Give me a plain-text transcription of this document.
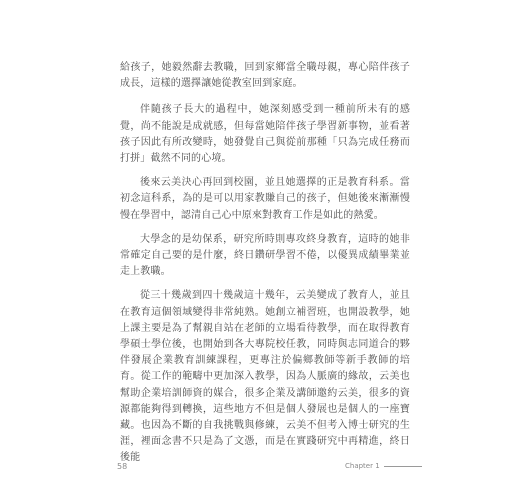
給孩子，她毅然辭去教職，回到家鄉當全職母親，專心陪伴孩子成長，這樣的選擇讓她從教室回到家庭。

伴隨孩子長大的過程中，她深刻感受到一種前所未有的感覺，尚不能說是成就感，但每當她陪伴孩子學習新事物，並看著孩子因此有所改變時，她發覺自己與從前那種「只為完成任務而打拼」截然不同的心境。

後來云美決心再回到校園，並且她選擇的正是教育科系。當初念這科系，為的是可以用家教賺自己的孩子，但她後來漸漸慢慢在學習中，認清自己心中原來對教育工作是如此的熱愛。

大學念的是幼保系，研究所時則專攻終身教育，這時的她非常確定自己要的是什麼，終日鑽研學習不倦，以優異成績畢業並走上教職。

從三十幾歲到四十幾歲這十幾年，云美變成了教育人，並且在教育這個領域變得非常純熟。她創立補習班，也開設教學，她上課主要是為了幫親自站在老師的立場看待教學，而在取得教育學碩士學位後，也開始到各大專院校任教，同時與志同道合的夥伴發展企業教育訓練課程，更專注於偏鄉教師等新手教師的培育。從工作的範疇中更加深入教學，因為人脈廣的緣故，云美也幫助企業培訓師資的媒合，很多企業及講師邀約云美，很多的資源都能夠得到轉換，這些地方不但是個人發展也是個人的一座寶藏。也因為不斷的自我挑戰與修練，云美不但考入博士研究的生涯，裡面念書不只是為了文憑，而是在實踐研究中再精進，終日後能

58	Chapter 1
